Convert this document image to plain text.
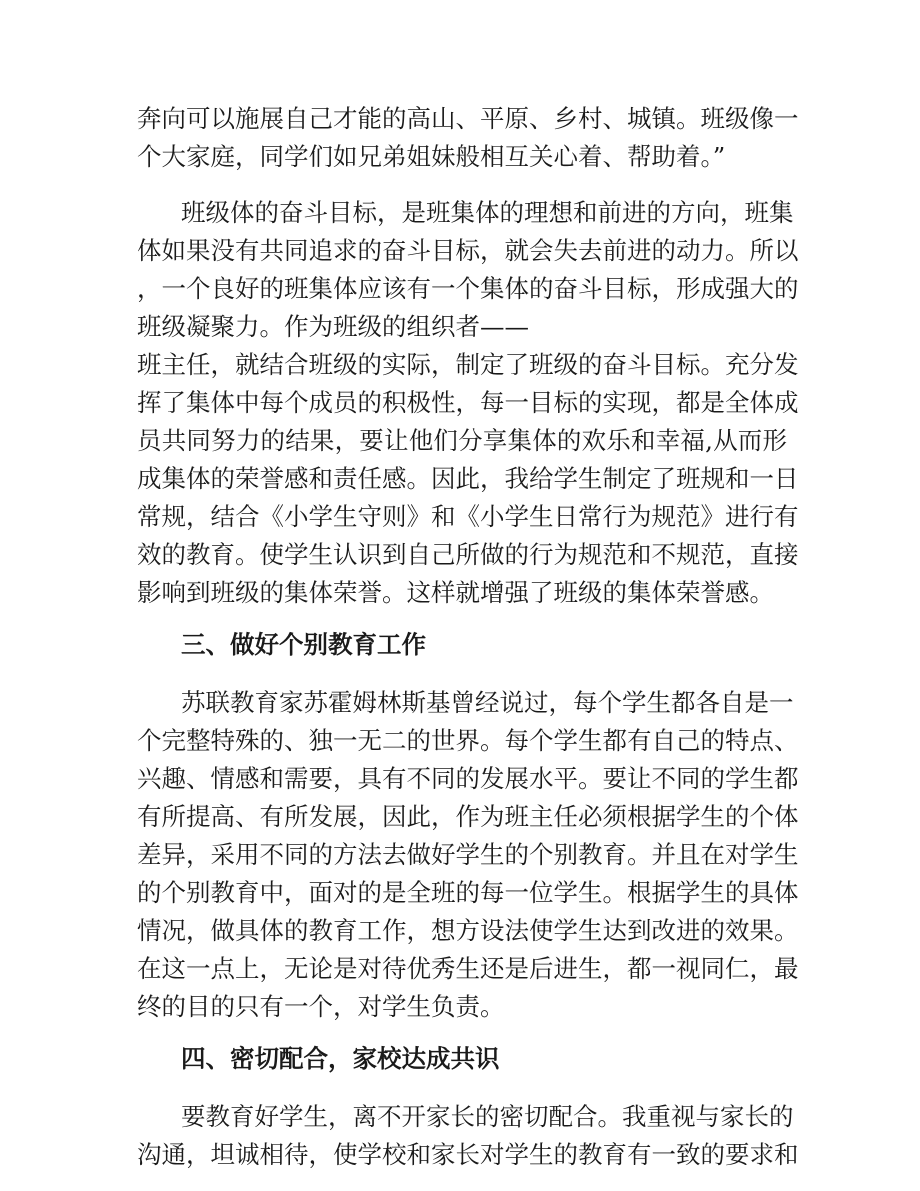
奔向可以施展自己才能的高山、平原、乡村、城镇。班级像一
个大家庭，同学们如兄弟姐妹般相互关心着、帮助着。”
班级体的奋斗目标，是班集体的理想和前进的方向，班集
体如果没有共同追求的奋斗目标，就会失去前进的动力。所以
，一个良好的班集体应该有一个集体的奋斗目标，形成强大的
班级凝聚力。作为班级的组织者——
班主任，就结合班级的实际，制定了班级的奋斗目标。充分发
挥了集体中每个成员的积极性，每一目标的实现，都是全体成
员共同努力的结果，要让他们分享集体的欢乐和幸福,从而形
成集体的荣誉感和责任感。因此，我给学生制定了班规和一日
常规，结合《小学生守则》和《小学生日常行为规范》进行有
效的教育。使学生认识到自己所做的行为规范和不规范，直接
影响到班级的集体荣誉。这样就增强了班级的集体荣誉感。
三、做好个别教育工作
苏联教育家苏霍姆林斯基曾经说过，每个学生都各自是一
个完整特殊的、独一无二的世界。每个学生都有自己的特点、
兴趣、情感和需要，具有不同的发展水平。要让不同的学生都
有所提高、有所发展，因此，作为班主任必须根据学生的个体
差异，采用不同的方法去做好学生的个别教育。并且在对学生
的个别教育中，面对的是全班的每一位学生。根据学生的具体
情况，做具体的教育工作，想方设法使学生达到改进的效果。
在这一点上，无论是对待优秀生还是后进生，都一视同仁，最
终的目的只有一个，对学生负责。
四、密切配合，家校达成共识
要教育好学生，离不开家长的密切配合。我重视与家长的
沟通，坦诚相待，使学校和家长对学生的教育有一致的要求和
